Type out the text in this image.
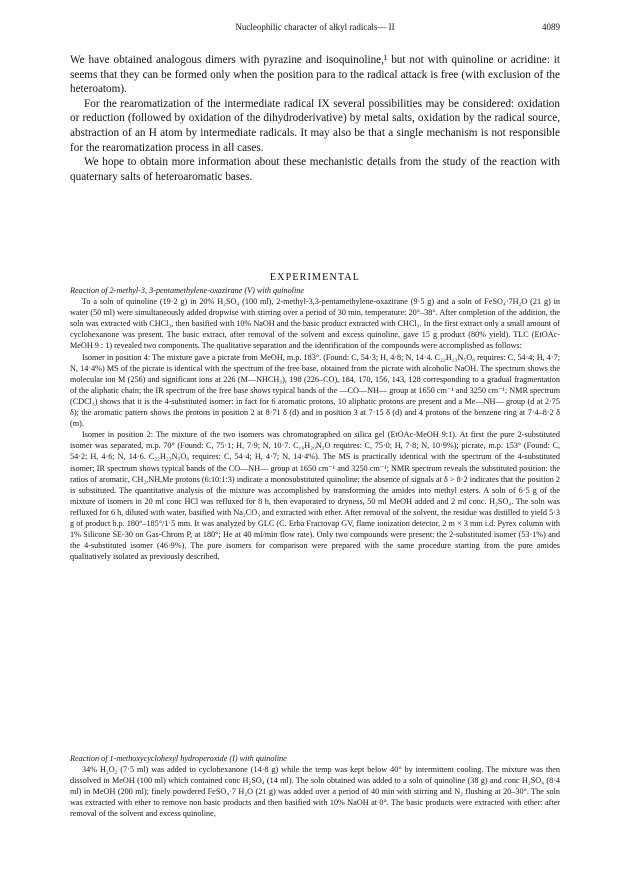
Nucleophilic character of alkyl radicals— II	4089

We have obtained analogous dimers with pyrazine and isoquinoline,¹ but not with quinoline or acridine: it seems that they can be formed only when the position para to the radical attack is free (with exclusion of the heteroatom).

For the rearomatization of the intermediate radical IX several possibilities may be considered: oxidation or reduction (followed by oxidation of the dihydroderivative) by metal salts, oxidation by the radical source, abstraction of an H atom by intermediate radicals. It may also be that a single mechanism is not responsible for the rearomatization process in all cases.

We hope to obtain more information about these mechanistic details from the study of the reaction with quaternary salts of heteroaromatic bases.

EXPERIMENTAL

Reaction of 2-methyl-3, 3-pentamethylene-oxazirane (V) with quinoline

To a soln of quinoline (19·2 g) in 20% H₂SO₄ (100 ml), 2-methyl-3,3-pentamethylene-oxazirane (9·5 g) and a soln of FeSO₄·7H₂O (21 g) in water (50 ml) were simultaneously added dropwise with stirring over a period of 30 min, temperature: 20°–38°. After completion of the addition, the soln was extracted with CHCl₃, then basified with 10% NaOH and the basic product extracted with CHCl₃. In the first extract only a small amount of cyclohexanone was present. The basic extract, after removal of the solvent and excess quinoline, gave 15 g product (80% yield). TLC (EtOAc-MeOH 9 : 1) revealed two components. The qualitative separation and the identification of the compounds were accomplished as follows:

Isomer in position 4: The mixture gave a picrate from MeOH, m.p. 183°. (Found: C, 54·3; H, 4·8; N, 14·4. C₂₂H₂₃N₅O₈ requires: C, 54·4; H, 4·7; N, 14·4%) MS of the picrate is identical with the spectrum of the free base, obtained from the picrate with alcoholic NaOH. The spectrum shows the molecular ion M (256) and significant ions at 226 (M—NHCH₃), 198 (226–CO), 184, 170, 156, 143, 128 corresponding to a gradual fragmentation of the aliphatic chain; the IR spectrum of the free base shows typical bands of the —CO—NH— group at 1650 cm⁻¹ and 3250 cm⁻¹; NMR spectrum (CDCl₃) shows that it is the 4-substituted isomer: in fact for 6 aromatic protons, 10 aliphatic protons are present and a Me—NH— group (d at 2·75 δ); the aromatic pattern shows the protons in position 2 at 8·71 δ (d) and in position 3 at 7·15 δ (d) and 4 protons of the benzene ring at 7·4–8·2 δ (m).

Isomer in position 2: The mixture of the two isomers was chromatographed on silica gel (EtOAc-MeOH 9:1). At first the pure 2-substituted isomer was separated, m.p. 70° (Found: C, 75·1; H, 7·9; N, 10·7. C₁₆H₂₀N₂O requires: C, 75·0; H, 7·8; N, 10·9%); picrate, m.p. 153° (Found: C, 54·2; H, 4·6; N, 14·6. C₂₂H₂₃N₅O₈ requires: C, 54·4; H, 4·7; N, 14·4%). The MS is practically identical with the spectrum of the 4-substituted isomer; IR spectrum shows typical bands of the CO—NH— group at 1650 cm⁻¹ and 3250 cm⁻¹; NMR spectrum reveals the substituted position: the ratios of aromatic, CH₂,NH,Me protons (6:10:1:3) indicate a monosubstituted quinoline; the absence of signals at δ > 8·2 indicates that the position 2 is substituted. The quantitative analysis of the mixture was accomplished by transforming the amides into methyl esters. A soln of 6·5 g of the mixture of isomers in 20 ml conc HCl was refluxed for 8 h, then evaporated to dryness, 50 ml MeOH added and 2 ml conc. H₂SO₄. The soln was refluxed for 6 h, diluted with water, basified with Na₂CO₃ and extracted with ether. After removal of the solvent, the residue was distilled to yield 5·3 g of product b.p. 180°–185°/1·5 mm. It was analyzed by GLC (C. Erba Fractovap GV, flame ionization detector, 2 m × 3 mm i.d. Pyrex column with 1% Silicone SE-30 on Gas-Chrom P, at 180°; He at 40 ml/min flow rate). Only two compounds were present: the 2-substituted isomer (53·1%) and the 4-substituted isomer (46·9%). The pure isomers for comparison were prepared with the same procedure starting from the pure amides qualitatively isolated as previously described.

Reaction of 1-methoxycyclohexyl hydroperoxide (I) with quinoline

34% H₂O₂ (7·5 ml) was added to cyclohexanone (14·8 g) while the temp was kept below 40° by intermittent cooling. The mixture was then dissolved in MeOH (100 ml) which contained conc H₂SO₄ (14 ml). The soln obtained was added to a soln of quinoline (38 g) and conc H₂SO₄ (8·4 ml) in MeOH (200 ml); finely powdered FeSO₄·7 H₂O (21 g) was added over a period of 40 min with stirring and N₂ flushing at 20–30°. The soln was extracted with ether to remove non basic products and then basified with 10% NaOH at 0°. The basic products were extracted with ether: after removal of the solvent and excess quinoline,
